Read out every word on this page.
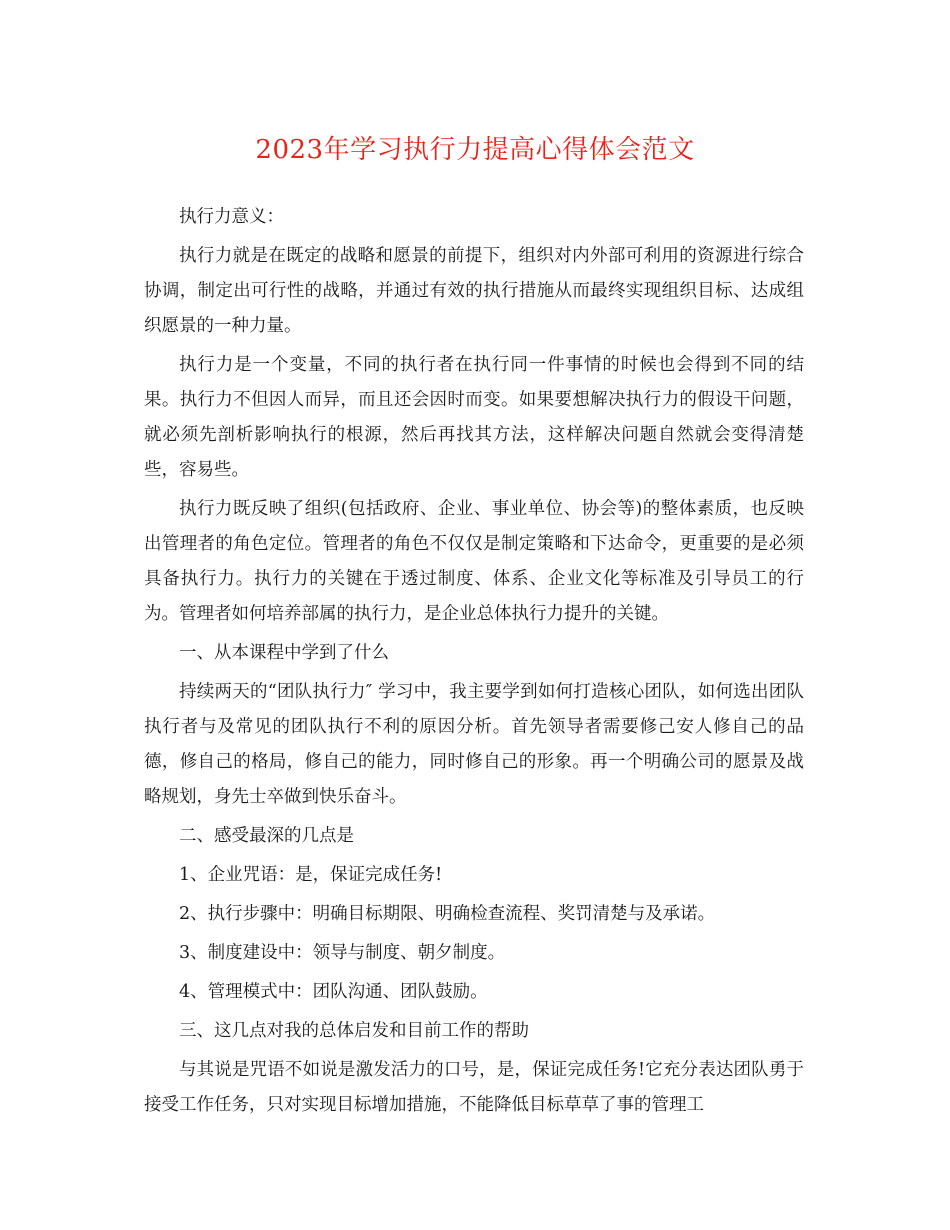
2023年学习执行力提高心得体会范文

执行力意义：

执行力就是在既定的战略和愿景的前提下，组织对内外部可利用的资源进行综合协调，制定出可行性的战略，并通过有效的执行措施从而最终实现组织目标、达成组织愿景的一种力量。

执行力是一个变量，不同的执行者在执行同一件事情的时候也会得到不同的结果。执行力不但因人而异，而且还会因时而变。如果要想解决执行力的假设干问题，就必须先剖析影响执行的根源，然后再找其方法，这样解决问题自然就会变得清楚些，容易些。

执行力既反映了组织(包括政府、企业、事业单位、协会等)的整体素质，也反映出管理者的角色定位。管理者的角色不仅仅是制定策略和下达命令，更重要的是必须具备执行力。执行力的关键在于透过制度、体系、企业文化等标准及引导员工的行为。管理者如何培养部属的执行力，是企业总体执行力提升的关键。

一、从本课程中学到了什么

持续两天的“团队执行力″ 学习中，我主要学到如何打造核心团队，如何选出团队执行者与及常见的团队执行不利的原因分析。首先领导者需要修己安人修自己的品德，修自己的格局，修自己的能力，同时修自己的形象。再一个明确公司的愿景及战略规划，身先士卒做到快乐奋斗。

二、感受最深的几点是

1、企业咒语：是，保证完成任务!

2、执行步骤中：明确目标期限、明确检查流程、奖罚清楚与及承诺。

3、制度建设中：领导与制度、朝夕制度。

4、管理模式中：团队沟通、团队鼓励。

三、这几点对我的总体启发和目前工作的帮助

与其说是咒语不如说是激发活力的口号，是，保证完成任务!它充分表达团队勇于接受工作任务，只对实现目标增加措施，不能降低目标草草了事的管理工
